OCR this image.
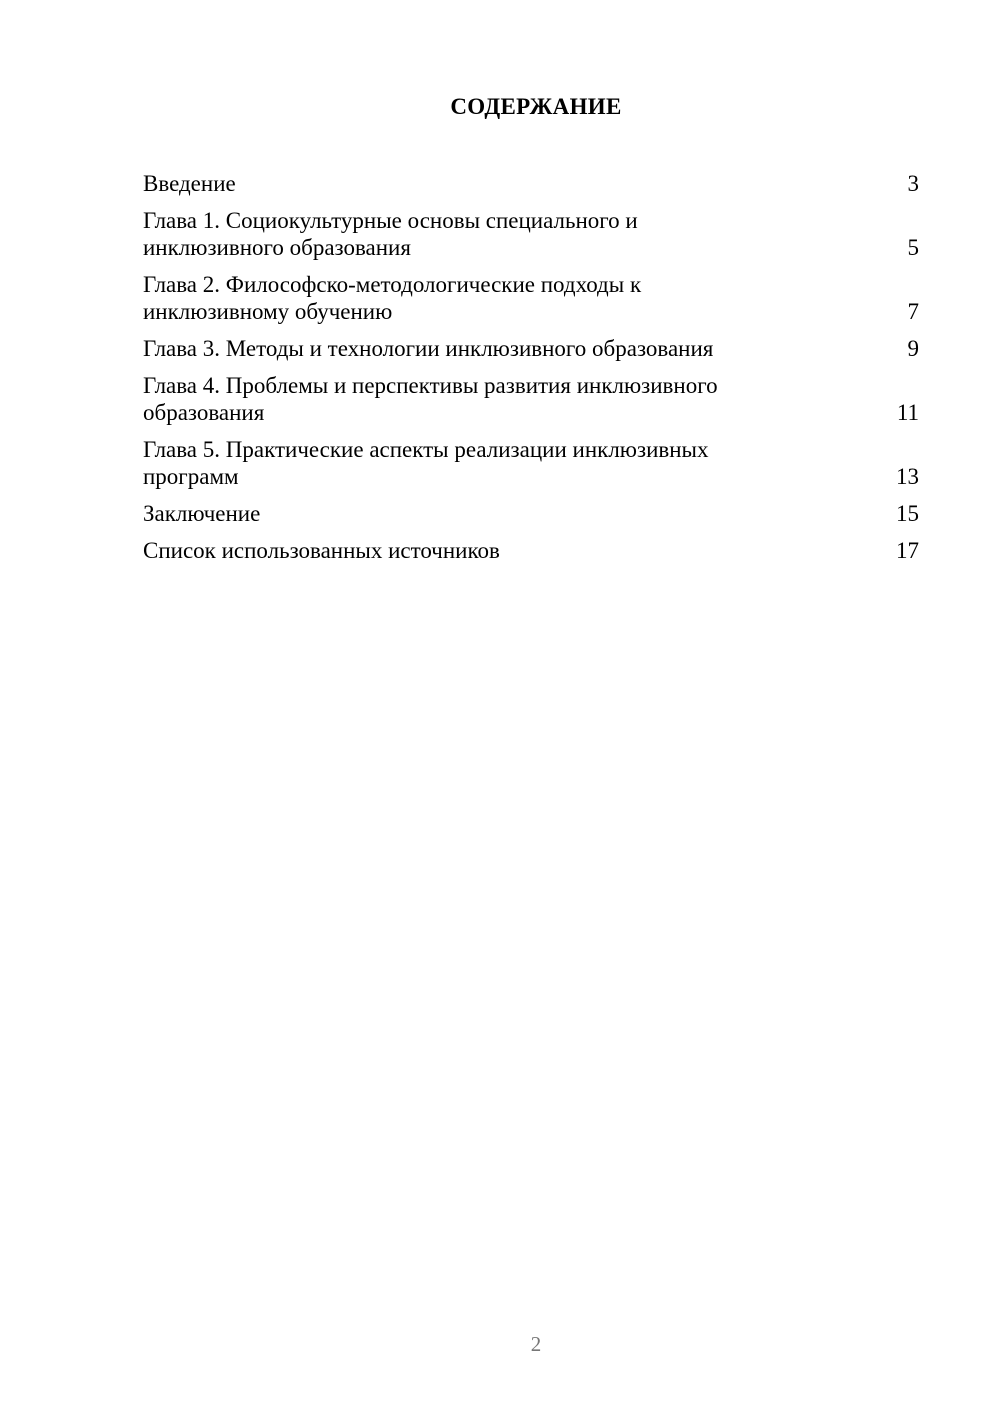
СОДЕРЖАНИЕ
Введение	3
Глава 1. Социокультурные основы специального и
инклюзивного образования	5
Глава 2. Философско-методологические подходы к
инклюзивному обучению	7
Глава 3. Методы и технологии инклюзивного образования	9
Глава 4. Проблемы и перспективы развития инклюзивного
образования	11
Глава 5. Практические аспекты реализации инклюзивных
программ	13
Заключение	15
Список использованных источников	17
2
